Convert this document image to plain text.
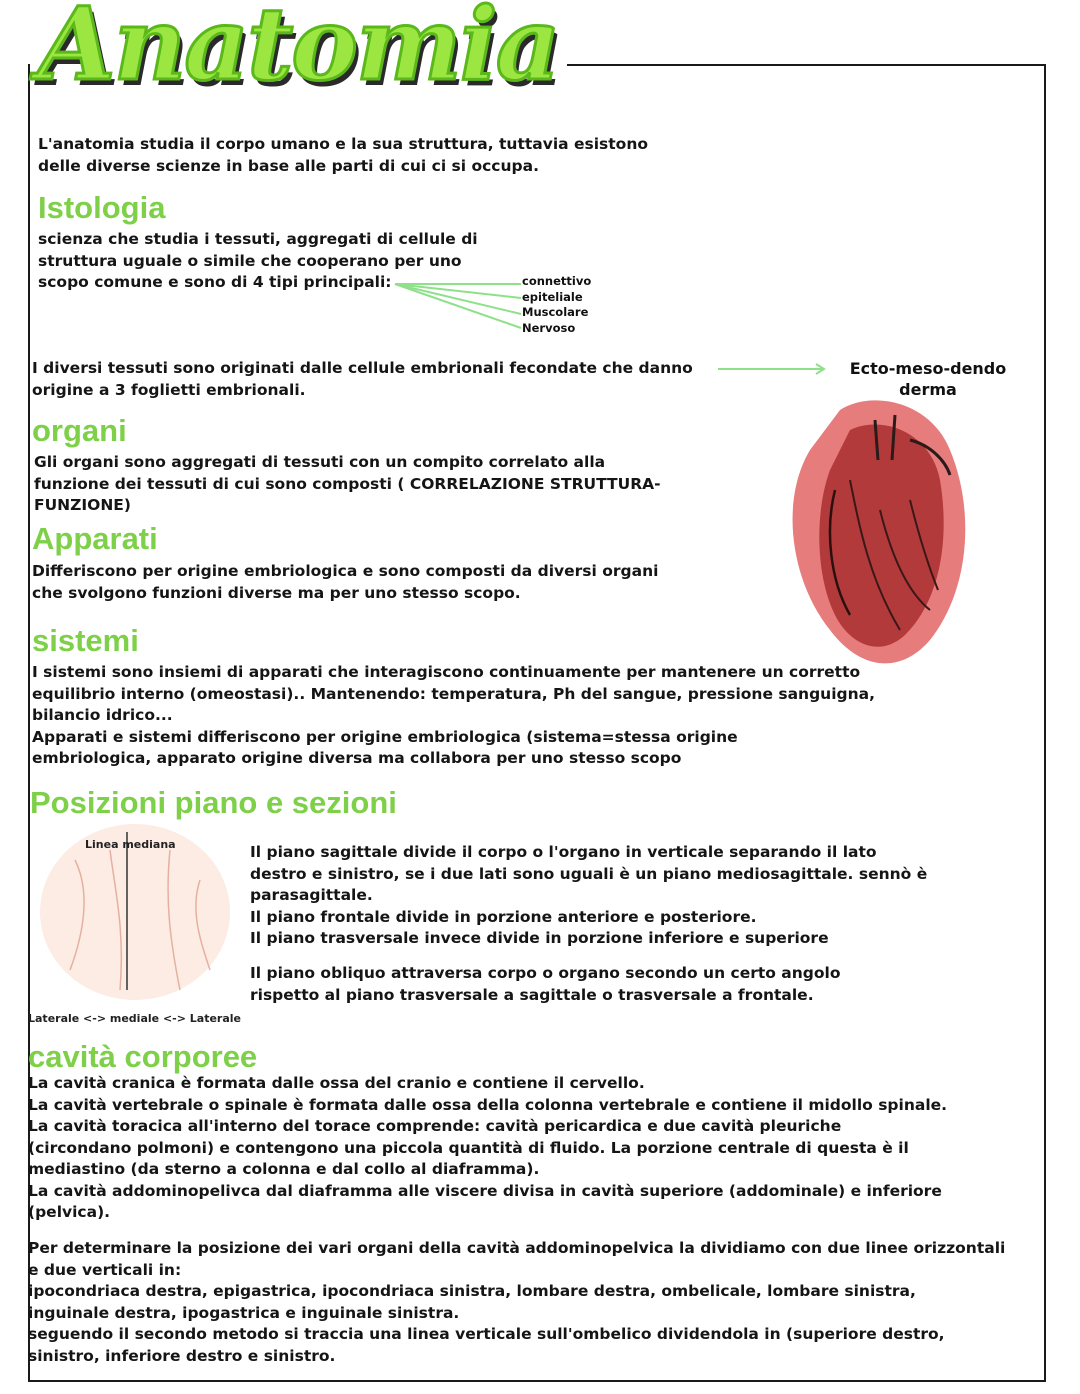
Anatomia

L'anatomia studia il corpo umano e la sua struttura, tuttavia esistono
delle diverse scienze in base alle parti di cui ci si occupa.

Istologia

scienza che studia i tessuti, aggregati di cellule di
struttura uguale o simile che cooperano per uno
scopo comune e sono di 4 tipi principali:	connettivo
epiteliale
Muscolare
Nervoso

I diversi tessuti sono originati dalle cellule embrionali fecondate che danno
origine a 3 foglietti embrionali.

Ecto-meso-dendo
derma
organi

Gli organi sono aggregati di tessuti con un compito correlato alla
funzione dei tessuti di cui sono composti ( CORRELAZIONE STRUTTURA-
FUNZIONE)

Apparati

Differiscono per origine embriologica e sono composti da diversi organi
che svolgono funzioni diverse ma per uno stesso scopo.

sistemi

I sistemi sono insiemi di apparati che interagiscono continuamente per mantenere un corretto
equilibrio interno (omeostasi).. Mantenendo: temperatura, Ph del sangue, pressione sanguigna,
bilancio idrico...
Apparati e sistemi differiscono per origine embriologica (sistema=stessa origine
embriologica, apparato origine diversa ma collabora per uno stesso scopo

Posizioni piano e sezioni
Linea mediana
Laterale <-> mediale <-> Laterale

Il piano sagittale divide il corpo o l'organo in verticale separando il lato
destro e sinistro, se i due lati sono uguali è un piano mediosagittale. sennò è
parasagittale.
Il piano frontale divide in porzione anteriore e posteriore.
Il piano trasversale invece divide in porzione inferiore e superiore

Il piano obliquo attraversa corpo o organo secondo un certo angolo
rispetto al piano trasversale a sagittale o trasversale a frontale.

cavità corporee

La cavità cranica è formata dalle ossa del cranio e contiene il cervello.
La cavità vertebrale o spinale è formata dalle ossa della colonna vertebrale e contiene il midollo spinale.
La cavità toracica all'interno del torace comprende: cavità pericardica e due cavità pleuriche
(circondano polmoni) e contengono una piccola quantità di fluido. La porzione centrale di questa è il
mediastino (da sterno a colonna e dal collo al diaframma).
La cavità addominopelivca dal diaframma alle viscere divisa in cavità superiore (addominale) e inferiore
(pelvica).

Per determinare la posizione dei vari organi della cavità addominopelvica la dividiamo con due linee orizzontali
e due verticali in:
ipocondriaca destra, epigastrica, ipocondriaca sinistra, lombare destra, ombelicale, lombare sinistra,
inguinale destra, ipogastrica e inguinale sinistra.
seguendo il secondo metodo si traccia una linea verticale sull'ombelico dividendola in (superiore destro,
sinistro, inferiore destro e sinistro.
